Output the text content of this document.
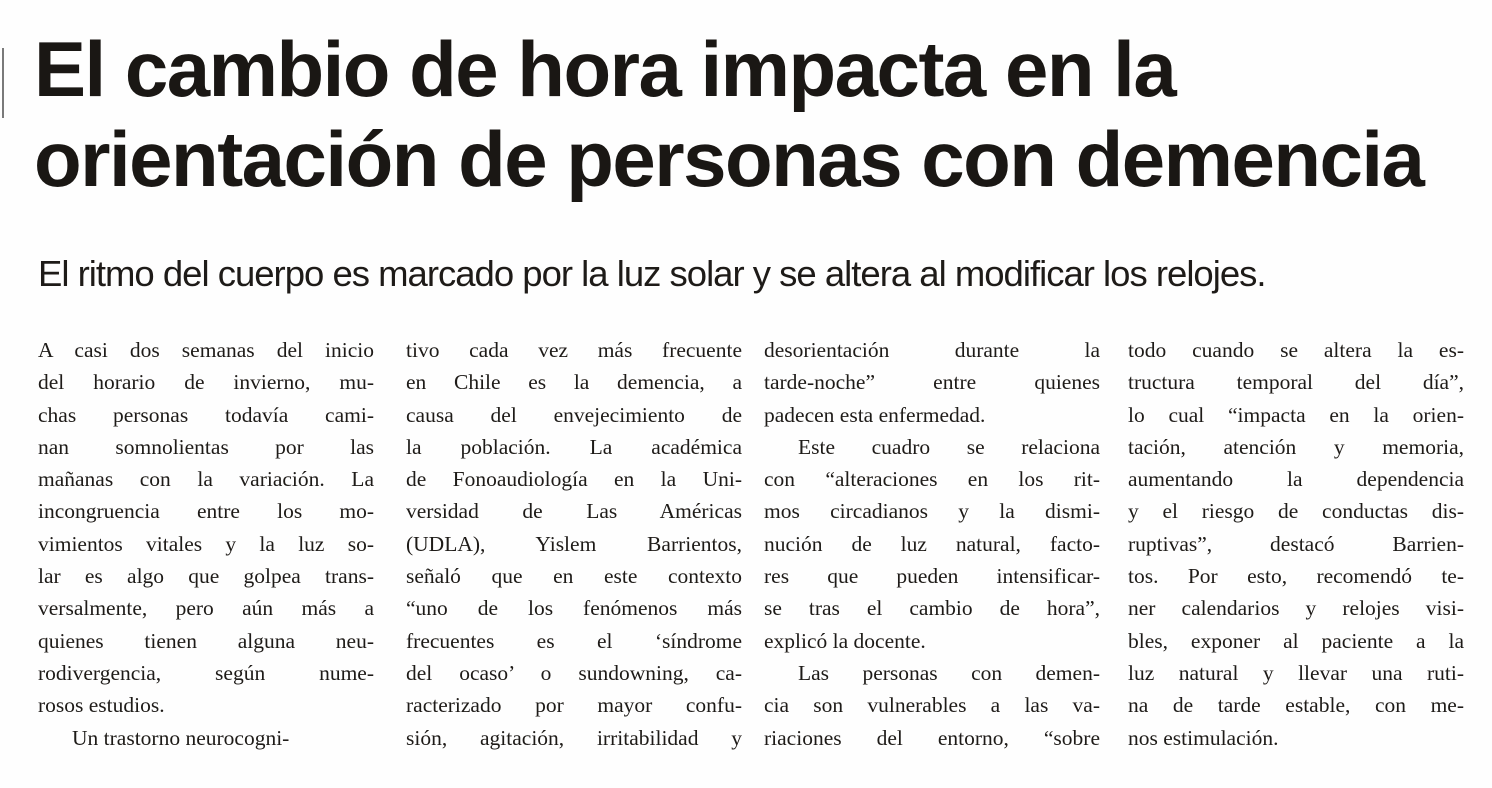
El cambio de hora impacta en la
orientación de personas con demencia

El ritmo del cuerpo es marcado por la luz solar y se altera al modificar los relojes.

A casi dos semanas del inicio
del horario de invierno, mu-
chas personas todavía cami-
nan somnolientas por las
mañanas con la variación. La
incongruencia entre los mo-
vimientos vitales y la luz so-
lar es algo que golpea trans-
versalmente, pero aún más a
quienes tienen alguna neu-
rodivergencia, según nume-
rosos estudios.
Un trastorno neurocogni-
tivo cada vez más frecuente
en Chile es la demencia, a
causa del envejecimiento de
la población. La académica
de Fonoaudiología en la Uni-
versidad de Las Américas
(UDLA), Yislem Barrientos,
señaló que en este contexto
“uno de los fenómenos más
frecuentes es el ‘síndrome
del ocaso’ o sundowning, ca-
racterizado por mayor confu-
sión, agitación, irritabilidad y
desorientación durante la
tarde-noche” entre quienes
padecen esta enfermedad.
Este cuadro se relaciona
con “alteraciones en los rit-
mos circadianos y la dismi-
nución de luz natural, facto-
res que pueden intensificar-
se tras el cambio de hora”,
explicó la docente.
Las personas con demen-
cia son vulnerables a las va-
riaciones del entorno, “sobre
todo cuando se altera la es-
tructura temporal del día”,
lo cual “impacta en la orien-
tación, atención y memoria,
aumentando la dependencia
y el riesgo de conductas dis-
ruptivas”, destacó Barrien-
tos. Por esto, recomendó te-
ner calendarios y relojes visi-
bles, exponer al paciente a la
luz natural y llevar una ruti-
na de tarde estable, con me-
nos estimulación.
